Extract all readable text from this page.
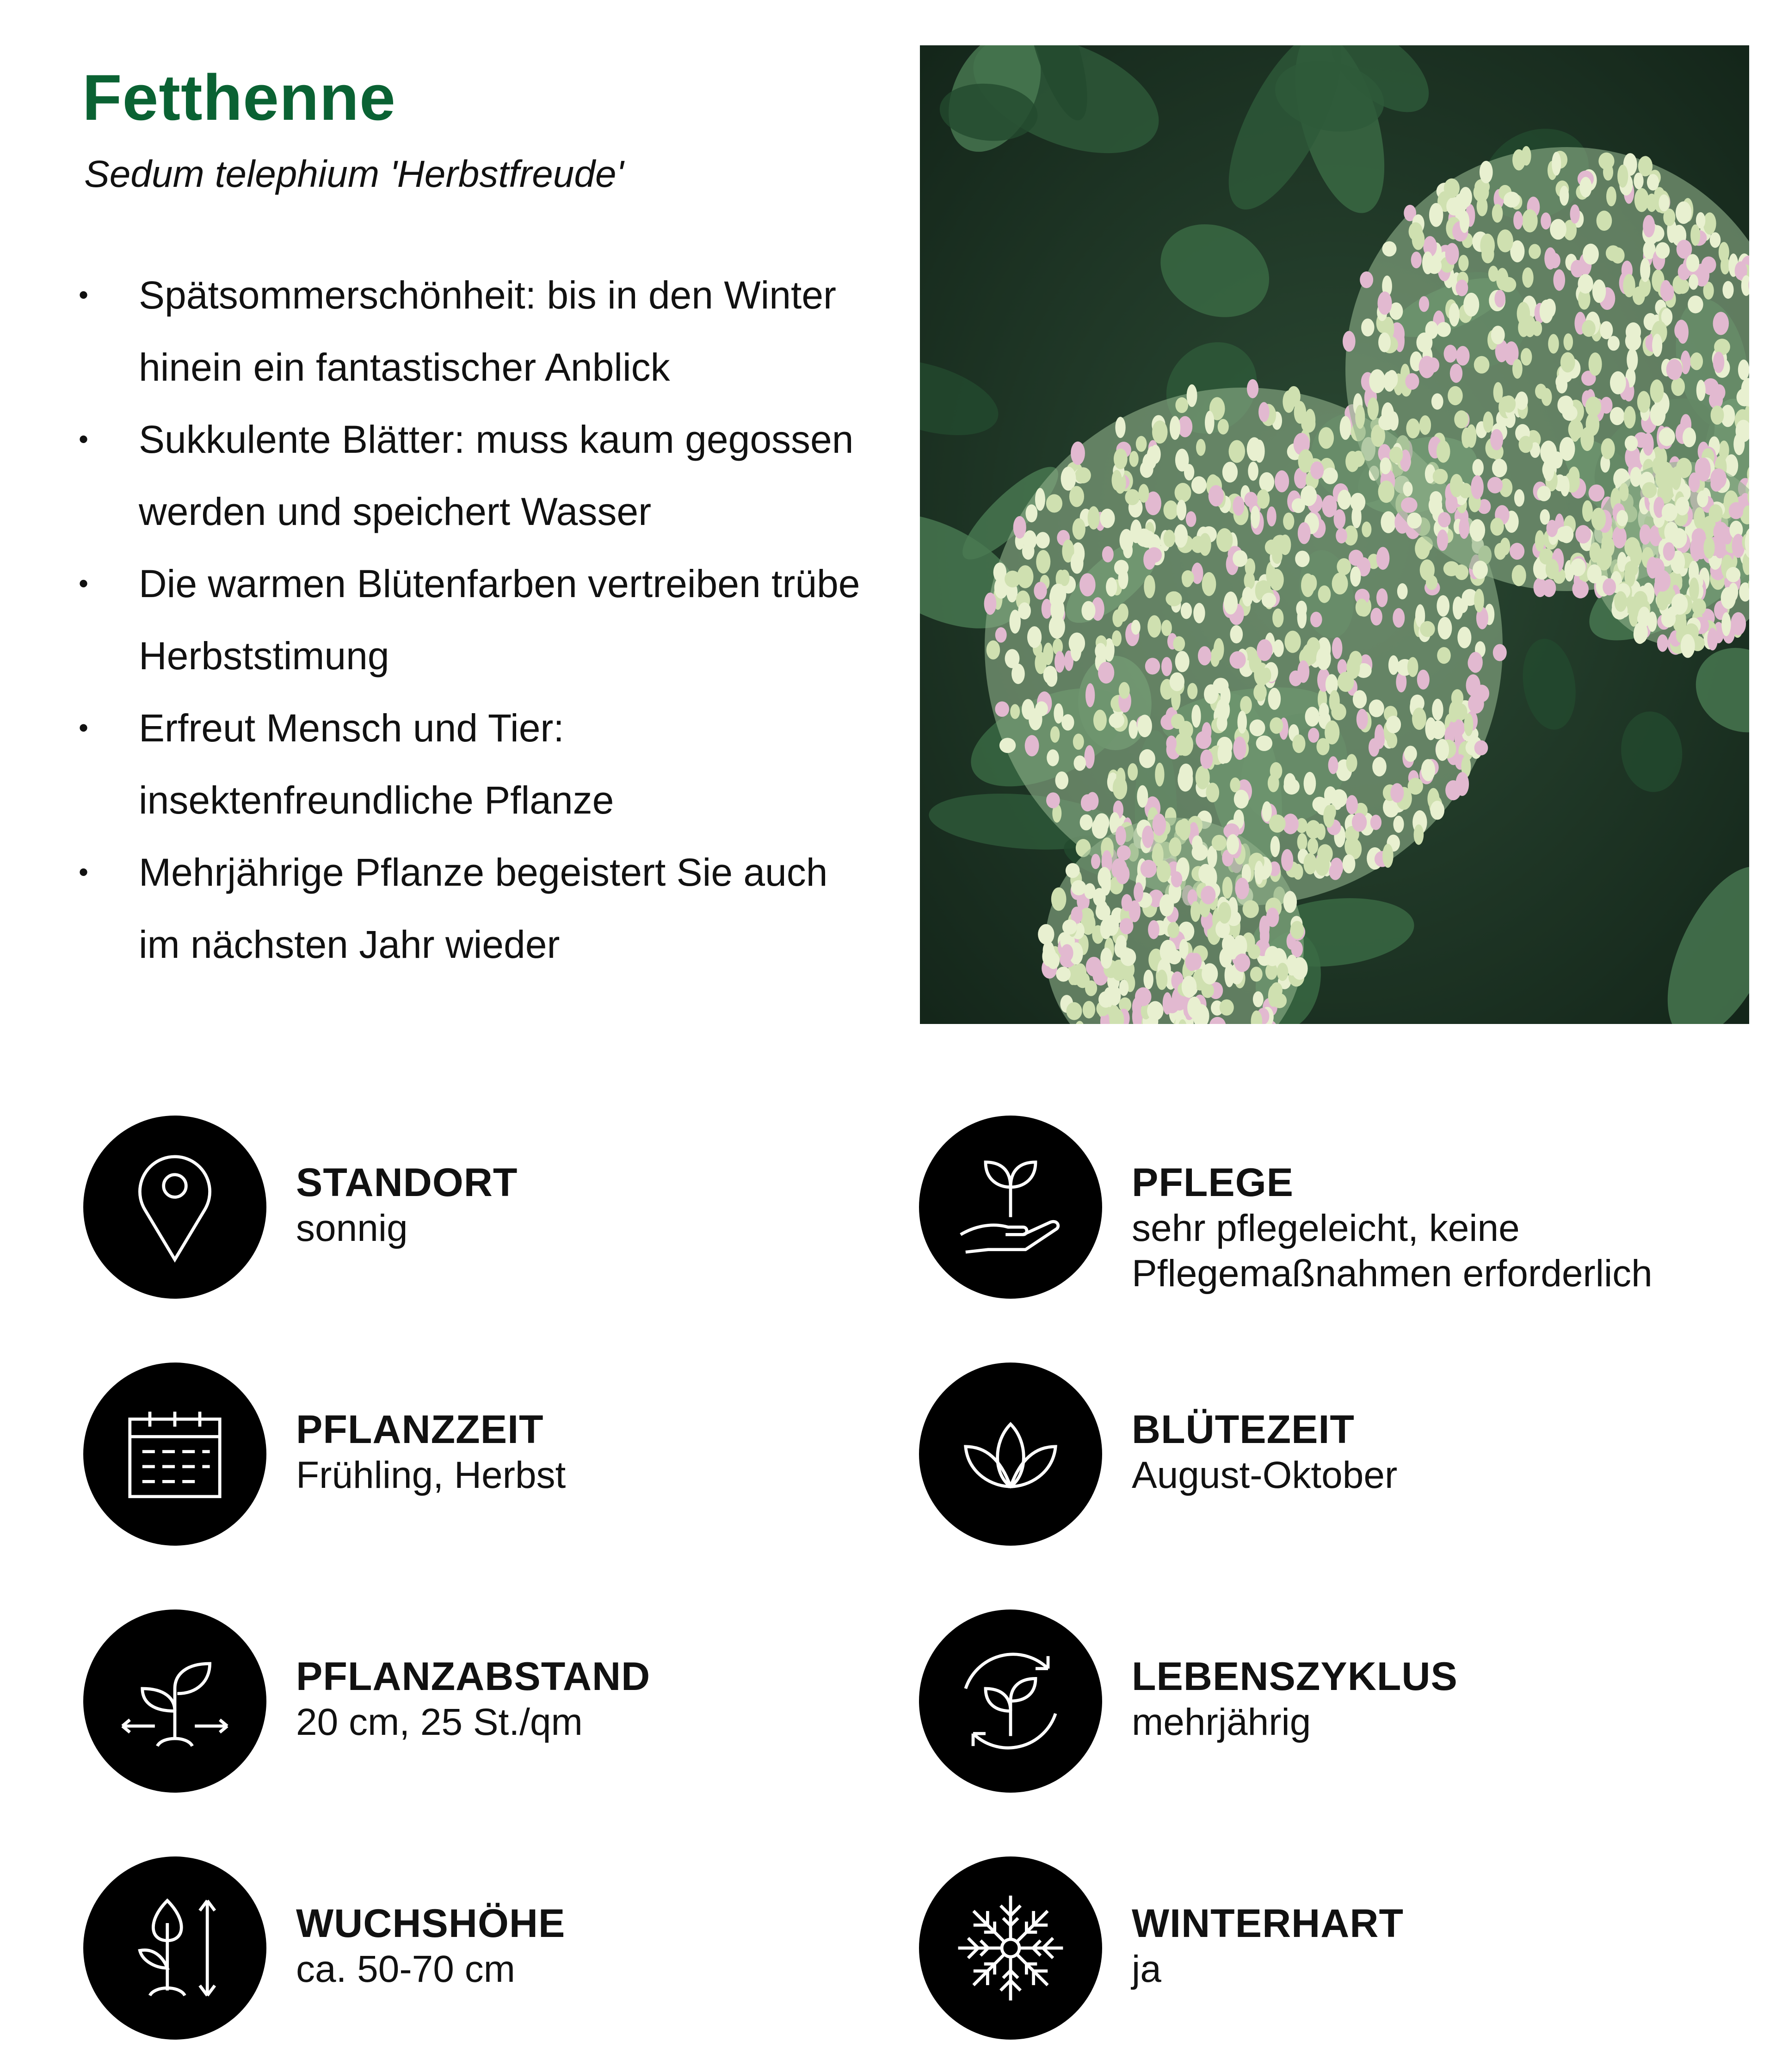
Fetthenne
Sedum telephium 'Herbstfreude'
• Spätsommerschönheit: bis in den Winter hinein ein fantastischer Anblick
• Sukkulente Blätter: muss kaum gegossen werden und speichert Wasser
• Die warmen Blütenfarben vertreiben trübe Herbststimung
• Erfreut Mensch und Tier: insektenfreundliche Pflanze
• Mehrjährige Pflanze begeistert Sie auch im nächsten Jahr wieder
STANDORT
sonnig
PFLEGE
sehr pflegeleicht, keine Pflegemaßnahmen erforderlich
PFLANZZEIT
Frühling, Herbst
BLÜTEZEIT
August-Oktober
PFLANZABSTAND
20 cm, 25 St./qm
LEBENSZYKLUS
mehrjährig
WUCHSHÖHE
ca. 50-70 cm
WINTERHART
ja
